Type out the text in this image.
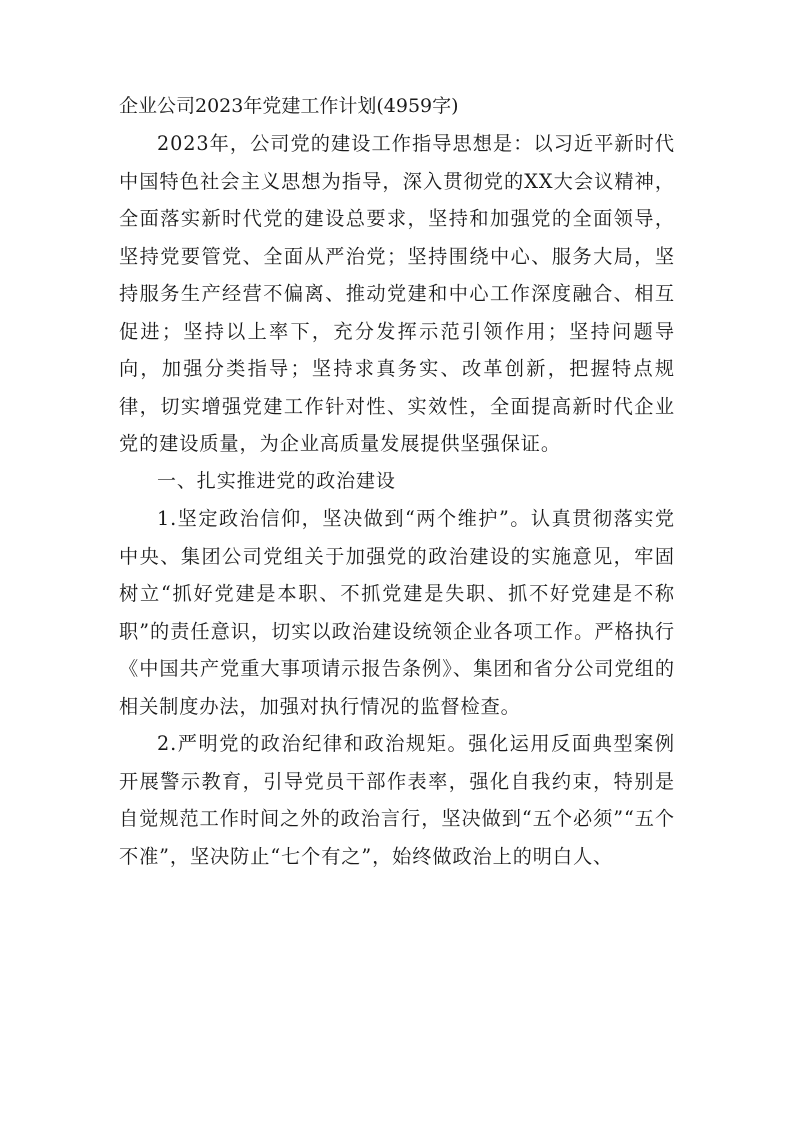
企业公司2023年党建工作计划(4959字)

2023年，公司党的建设工作指导思想是：以习近平新时代中国特色社会主义思想为指导，深入贯彻党的XX大会议精神，全面落实新时代党的建设总要求，坚持和加强党的全面领导，坚持党要管党、全面从严治党；坚持围绕中心、服务大局，坚持服务生产经营不偏离、推动党建和中心工作深度融合、相互促进；坚持以上率下，充分发挥示范引领作用；坚持问题导向，加强分类指导；坚持求真务实、改革创新，把握特点规律，切实增强党建工作针对性、实效性，全面提高新时代企业党的建设质量，为企业高质量发展提供坚强保证。

一、扎实推进党的政治建设

1.坚定政治信仰，坚决做到“两个维护”。认真贯彻落实党中央、集团公司党组关于加强党的政治建设的实施意见，牢固树立“抓好党建是本职、不抓党建是失职、抓不好党建是不称职”的责任意识，切实以政治建设统领企业各项工作。严格执行《中国共产党重大事项请示报告条例》、集团和省分公司党组的相关制度办法，加强对执行情况的监督检查。

2.严明党的政治纪律和政治规矩。强化运用反面典型案例开展警示教育，引导党员干部作表率，强化自我约束，特别是自觉规范工作时间之外的政治言行，坚决做到“五个必须”“五个不准”，坚决防止“七个有之”，始终做政治上的明白人、
